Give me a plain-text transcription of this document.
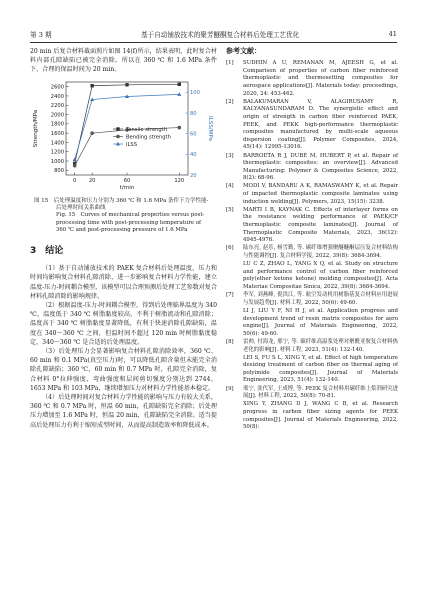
第 3 期	基于自动铺放技术的聚芳醚酮复合材料后处理工艺优化	41

20 min 后复合材料截面照片如图 14(f)所示，结果表明，此时复合材料内部孔隙缺陷已被完全消除。所以在 360 ℃ 和 1.6 MPa 条件下，合理的保温时间为 20 min。

800
1000
1200
1400
1600
1800
2000
2200
2400
2600
20
40
60
80
100
0 20	60	120
t/min
Strength/MPa	ILSS/MPa
Tensile strength
Bending strength
ILSS

图 15　后处理温度和压力分别为 360 ℃ 和 1.6 MPa 条件下力学性能-后处理时间关系曲线

Fig. 15　Curves of mechanical properties versus post-processing time with post-processing temperature of 360 ℃ and post-processing pressure of 1.6 MPa

3　结论

（1）基于自动铺放技术的 PAEK 复合材料后处理温度、压力和时间均影响复合材料孔隙消除，进一步影响复合材料力学性能，建立温度-压力-时间耦合模型，该模型可以合理预测后处理工艺参数对复合材料孔隙消除的影响规律。

（2）根据温度-压力-时间耦合模型，得到后处理临界温度为 340 ℃，温度低于 340 ℃ 树脂黏度较高，不利于树脂流动和孔隙消除；温度高于 340 ℃ 树脂黏度显著降低，有利于快速消除孔隙缺陷，温度在 340～360 ℃ 之间，但温时间不超过 120 min 时树脂黏度稳定，340～360 ℃ 是合适的后处理温度。

（3）后处理压力会显著影响复合材料孔隙消除效率，360 ℃、60 min 和 0.1 MPa(真空压力)时，可以降低孔隙含量但未能完全消除孔隙缺陷；360 ℃、60 min 和 0.7 MPa 时，孔隙完全消除，复合材料 0°拉伸强度、弯曲强度和层间剪切强度分别达到 2744、1653 MPa 和 103 MPa，继续增加压力对材料力学性能基本稳定。

（4）后处理时间对复合材料力学性能的影响与压力有较大关系，360 ℃ 和 0.7 MPa 时，恒温 60 min，孔隙缺陷完全消除；后处理压力增加至 1.6 MPa 时，恒温 20 min，孔隙缺陷完全消除。适当提高后处理压力有利于缩短成型时间，从而提高制造效率和降低成本。

参考文献：

[1] SUDHIN A U, REMANAN M, AJEESH G, et al. Comparison of properties of carbon fiber reinforced thermoplastic and thermosetting composites for aerospace applications[J]. Materials today: proceedings, 2020, 24: 453-462.

[2] BALAKUMARAN V, ALAGIRUSAMY R, KALYANASUNDARAM D. The synergistic effect and origin of strength in carbon fiber reinforced PAEK, PEEK, and PEKK high-performance thermoplastic composites manufactured by multi-scale aqueous dispersion coating[J]. Polymer Composites, 2024, 45(14): 12995-13016.

[3] BARROETA R J, DUBÉ M, HUBERT P, et al. Repair of thermoplastic composites: an overview[J]. Advanced Manufacturing: Polymer & Composites Science, 2022, 8(2): 68-96.

[4] MODI V, BANDARU A K, RAMASWAMY K, et al. Repair of impacted thermoplastic composite laminates using induction welding[J]. Polymers, 2023, 15(15): 3238.

[5] MARTI I B, KAYNAK C. Effects of interlayer forms on the resistance welding performance of PAEK/CF thermoplastic composite laminates[J]. Journal of Thermoplastic Composite Materials, 2023, 36(12): 4945-4976.

[6] 陆东亮, 赵乐, 杨雪勤, 等. 碳纤维增强聚醚醚酮层压复合材料结构与性能调控[J]. 复合材料学报, 2022, 39(8): 3684-3694.

LU C Z, ZHAO L, YANG X Q, et al. Study on structure and performance control of carbon fiber reinforced poly(ether ketone ketone) molding composites[J]. Acta Materiae Compositae Sinica, 2022, 39(8): 3684-3694.

[7] 李军, 刘燕峰, 倪洪江, 等. 航空发动机用树脂基复合材料应用进展与发展趋势[J]. 材料工程, 2022, 50(6): 49-60.

LI J, LIU Y F, NI H J, et al. Application progress and development trend of resin matrix composites for aero engine[J]. Journal of Materials Engineering, 2022, 50(6): 49-60.

[8] 雷帅, 付海龙, 邢宁, 等. 碳纤维高温浆处理对聚酰亚胺复合材料热老化的影响[J]. 材料工程, 2023, 51(4): 132-140.

LEI S, FU S L, XING Y, et al. Effect of high temperature desizing treatment of carbon fiber on thermal aging of polyimide composites[J]. Journal of Materials Engineering, 2023, 51(4): 132-140.

[9] 邢宁, 张代军, 王成博, 等. PEEK 复合材料用碳纤维上浆剂研究进展[J]. 材料工程, 2022, 50(8): 70-81.

XING Y, ZHANG D J, WANG C B, et al. Research progress in carbon fiber sizing agents for PEEK composites[J]. Journal of Materials Engineering, 2022, 50(8):
